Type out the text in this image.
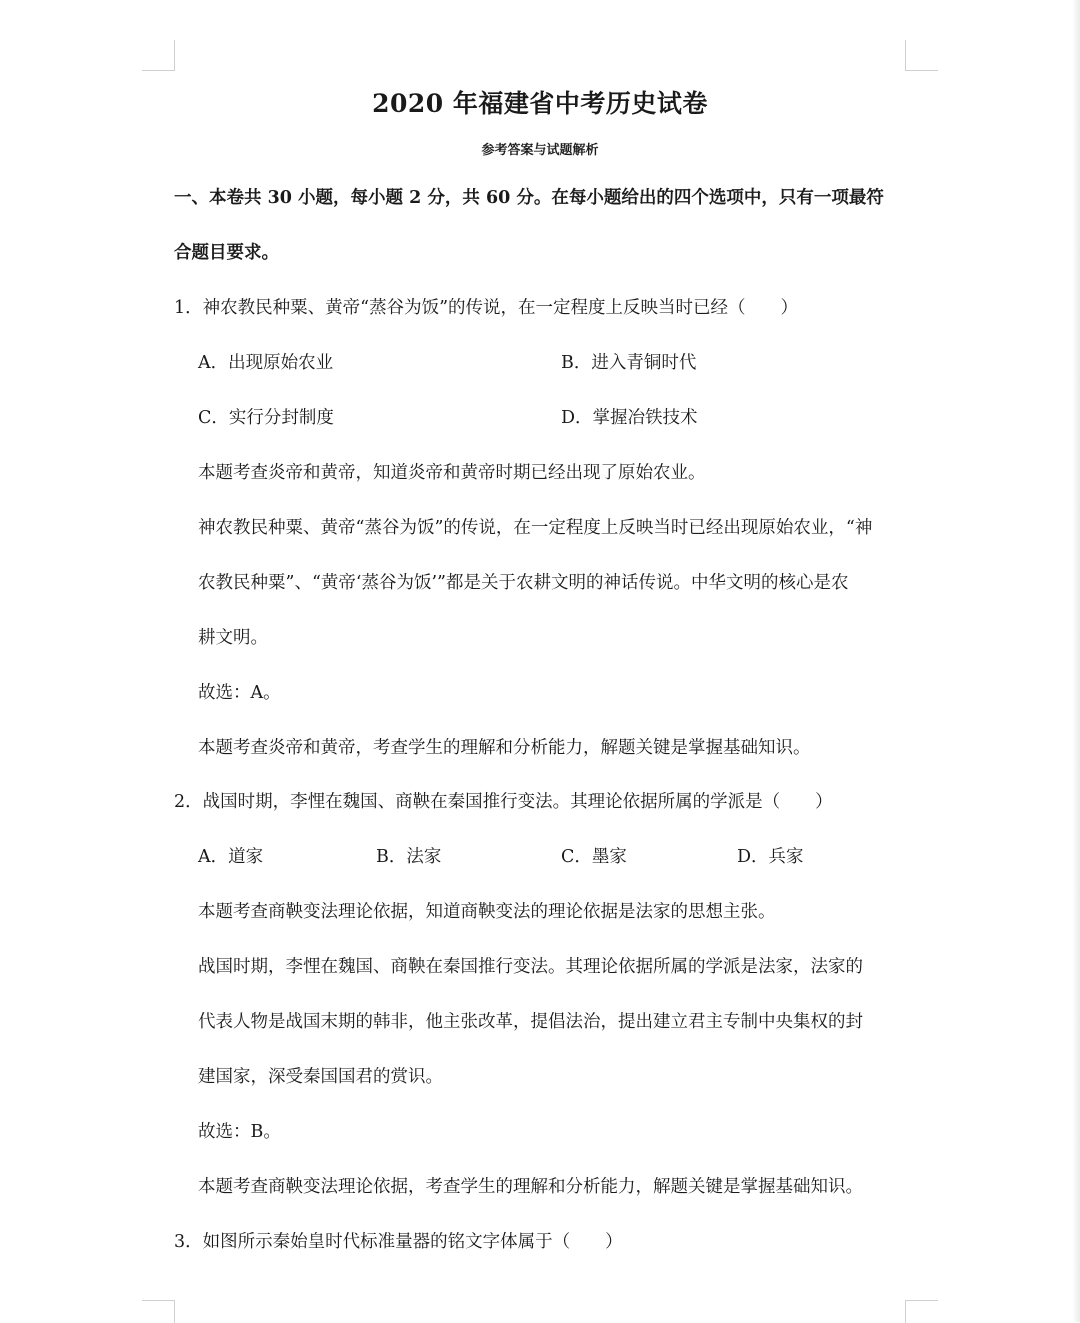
2020 年福建省中考历史试卷
参考答案与试题解析
一、本卷共 30 小题，每小题 2 分，共 60 分。在每小题给出的四个选项中，只有一项最符
合题目要求。
1．神农教民种粟、黄帝“蒸谷为饭”的传说，在一定程度上反映当时已经（　　）
A．出现原始农业	B．进入青铜时代
C．实行分封制度	D．掌握冶铁技术
本题考查炎帝和黄帝，知道炎帝和黄帝时期已经出现了原始农业。
神农教民种粟、黄帝“蒸谷为饭”的传说，在一定程度上反映当时已经出现原始农业，“神
农教民种粟”、“黄帝‘蒸谷为饭’”都是关于农耕文明的神话传说。中华文明的核心是农
耕文明。
故选：A。
本题考查炎帝和黄帝，考查学生的理解和分析能力，解题关键是掌握基础知识。
2．战国时期，李悝在魏国、商鞅在秦国推行变法。其理论依据所属的学派是（　　）
A．道家	B．法家	C．墨家	D．兵家
本题考查商鞅变法理论依据，知道商鞅变法的理论依据是法家的思想主张。
战国时期，李悝在魏国、商鞅在秦国推行变法。其理论依据所属的学派是法家，法家的
代表人物是战国末期的韩非，他主张改革，提倡法治，提出建立君主专制中央集权的封
建国家，深受秦国国君的赏识。
故选：B。
本题考查商鞅变法理论依据，考查学生的理解和分析能力，解题关键是掌握基础知识。
3．如图所示秦始皇时代标准量器的铭文字体属于（　　）
